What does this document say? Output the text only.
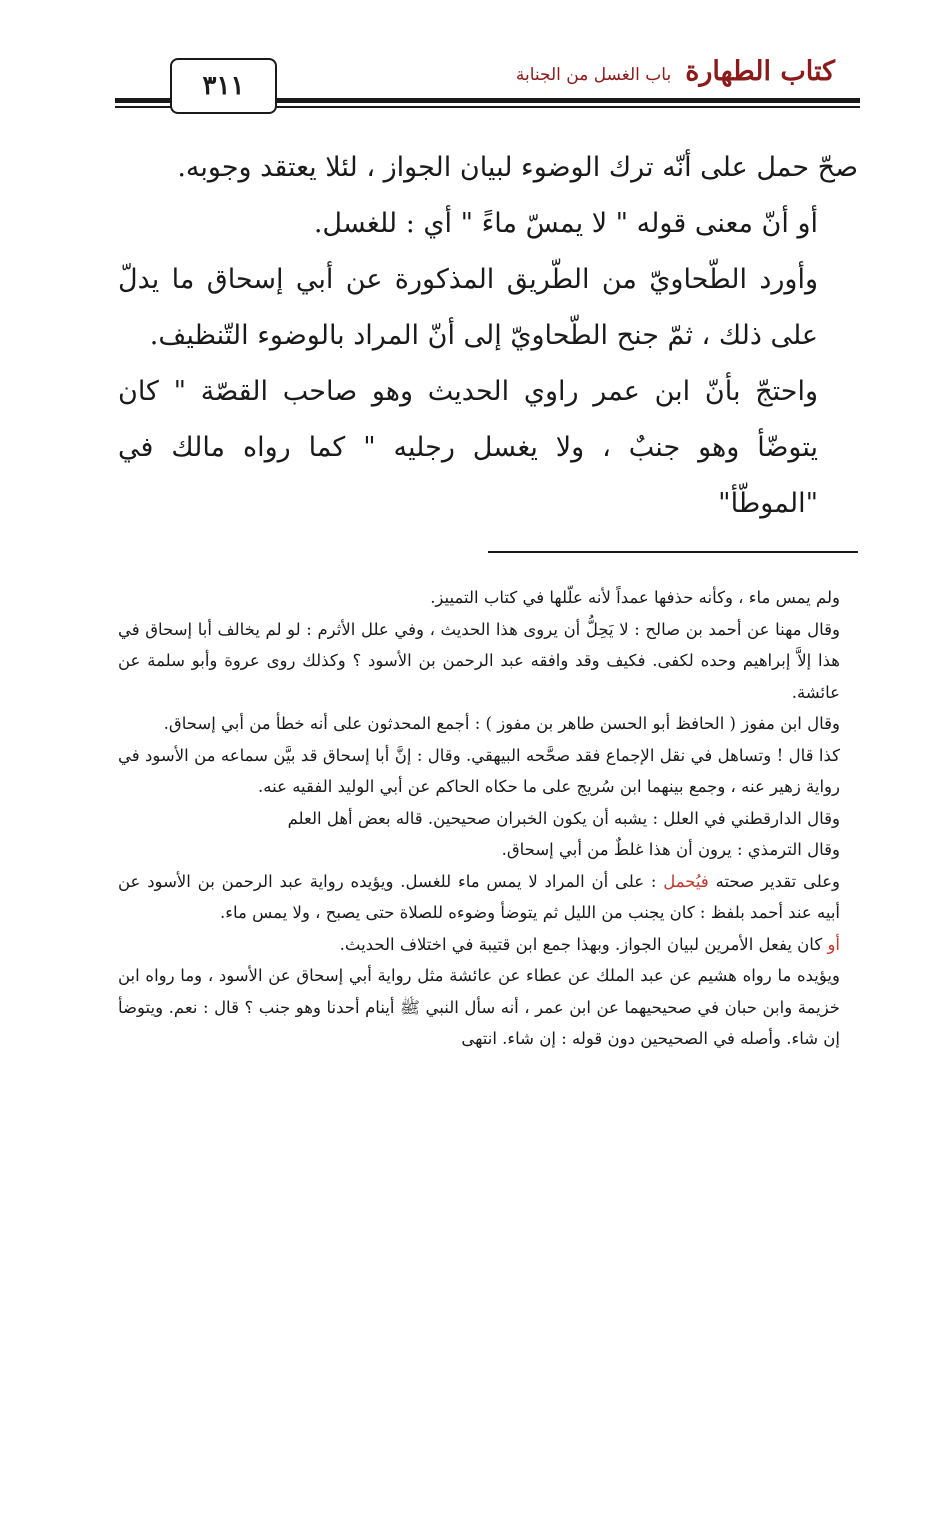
٣١١	كتاب الطهارة
باب الغسل من الجنابة

صحّ حمل على أنّه ترك الوضوء لبيان الجواز ، لئلا يعتقد وجوبه.

أو أنّ معنى قوله " لا يمسّ ماءً " أي : للغسل.

وأورد الطّحاويّ من الطّريق المذكورة عن أبي إسحاق ما يدلّ على ذلك ، ثمّ جنح الطّحاويّ إلى أنّ المراد بالوضوء التّنظيف.

واحتجّ بأنّ ابن عمر راوي الحديث وهو صاحب القصّة " كان يتوضّأ وهو جنبٌ ، ولا يغسل رجليه " كما رواه مالك في "الموطّأ"

ولم يمس ماء ، وكأنه حذفها عمداً لأنه علّلها في كتاب التمييز.

وقال مهنا عن أحمد بن صالح : لا يَحِلُّ أن يروى هذا الحديث ، وفي علل الأثرم : لو لم يخالف أبا إسحاق في هذا إلاَّ إبراهيم وحده لكفى. فكيف وقد وافقه عبد الرحمن بن الأسود ؟ وكذلك روى عروة وأبو سلمة عن عائشة.

وقال ابن مفوز ( الحافظ أبو الحسن طاهر بن مفوز ) : أجمع المحدثون على أنه خطأ من أبي إسحاق.

كذا قال ! وتساهل في نقل الإجماع فقد صحَّحه البيهقي. وقال : إنَّ أبا إسحاق قد بيَّن سماعه من الأسود في رواية زهير عنه ، وجمع بينهما ابن سُريج على ما حكاه الحاكم عن أبي الوليد الفقيه عنه.

وقال الدارقطني في العلل : يشبه أن يكون الخبران صحيحين. قاله بعض أهل العلم

وقال الترمذي : يرون أن هذا غلطٌ من أبي إسحاق.

وعلى تقدير صحته فيُحمل : على أن المراد لا يمس ماء للغسل. ويؤيده رواية عبد الرحمن بن الأسود عن أبيه عند أحمد بلفظ : كان يجنب من الليل ثم يتوضأ وضوءه للصلاة حتى يصبح ، ولا يمس ماء.

أو كان يفعل الأمرين لبيان الجواز. وبهذا جمع ابن قتيبة في اختلاف الحديث.

ويؤيده ما رواه هشيم عن عبد الملك عن عطاء عن عائشة مثل رواية أبي إسحاق عن الأسود ، وما رواه ابن خزيمة وابن حبان في صحيحيهما عن ابن عمر ، أنه سأل النبي ﷺ أينام أحدنا وهو جنب ؟ قال : نعم. ويتوضأ إن شاء. وأصله في الصحيحين دون قوله : إن شاء. انتهى
